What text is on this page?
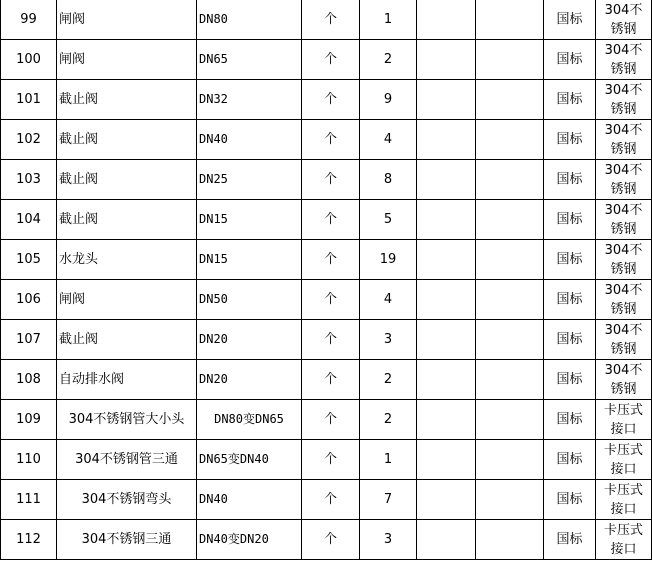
99	闸阀	DN80	个	1			国标	304不
锈钢

100	闸阀	DN65	个	2			国标	304不
锈钢

101	截止阀	DN32	个	9			国标	304不
锈钢

102	截止阀	DN40	个	4			国标	304不
锈钢

103	截止阀	DN25	个	8			国标	304不
锈钢

104	截止阀	DN15	个	5			国标	304不
锈钢

105	水龙头	DN15	个	19			国标	304不
锈钢

106	闸阀	DN50	个	4			国标	304不
锈钢

107	截止阀	DN20	个	3			国标	304不
锈钢

108	自动排水阀	DN20	个	2			国标	304不
锈钢

109	304不锈钢管大小头	DN80变DN65	个	2			国标	卡压式
接口

110	304不锈钢管三通	DN65变DN40	个	1			国标	卡压式
接口

111	304不锈钢弯头	DN40	个	7			国标	卡压式
接口

112	304不锈钢三通	DN40变DN20	个	3			国标	卡压式
接口
